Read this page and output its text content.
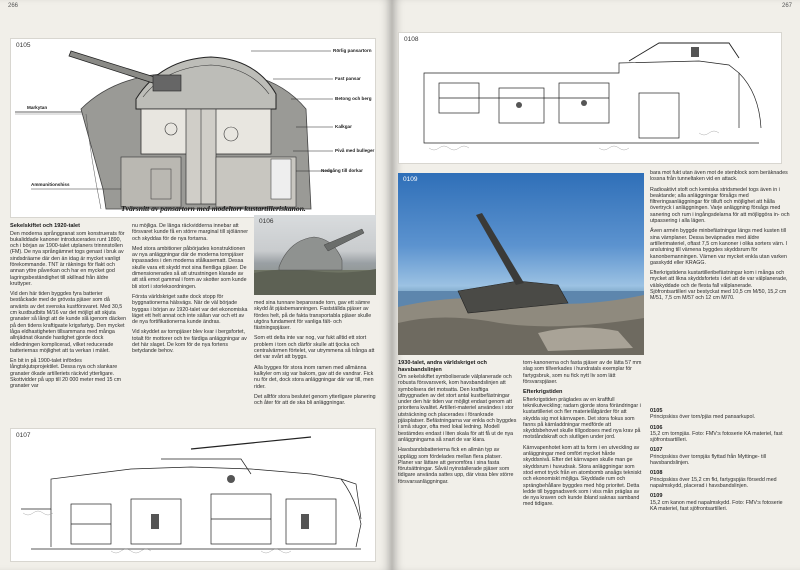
266
0105
Rörlig pansartorn
Fast pansar
Betong och berg
Kalkgar
Pivå med bulleger
Nedgång till dorkar
Markytan
Ammunitionshiss
Tvärsnitt av pansartorn med modeltorr kustartilleriskanon.
Sekelskiftet och 1920-talet

Den moderna språnggranat som konstruerats för bukaliddade kanoner introducerades runt 1890, och i början av 1900-talet utplaners trinnnstollen (FM). De nya språngämnet togs genast i bruk av sindsdräarne där den än idag är mycket vanligt förekommande. TNT är räknings för flakt och annan yttre påverkan och har en mycket god lagringsbeständighet till skillnad från äldre kruttyper.

Vid den här tiden byggdes fyra batterier beståckade med de grövsta pjäser som då använts av det svenska kustförsvaret. Med 30,5 cm kustbudbits M/16 var det möjligt att skjuta granater så långt att de kunde slå igenom däcken på den tidens kraftigaste krigsfartyg. Den mycket låga eldhastigheten tillsammans med många allnjädnat ökande hastighet gjorde dock eldledningen komplicerad, vilket reducerade batteriernas möjlighet att ta verkan i mälet.

En bit in på 1900-talet infördes långtskjutsprojektilet. Dessa nya och slankare granater ökade artilleriets räckvid ytterligare. Skottvidder på upp till 20 000 meter med 15 cm granater var

nu möjliga. De långa räckvidderna innebar att försvaret kunde få en större marginal till sjölänner och skyddas för de nya fortarna.

Med stora ambitioner påbörjades konstruktionen av nya anläggningar där de moderna tornpjäser inpassades i den moderna stålkasematt. Dessa skulle vara ett skydd mot sina fientliga pjäser. De dimensionerades så att utrustningen klarade av att stå emot gammal i form av skotter som kunde bli stort i storleksordningen.

Första världskriget satte dock stopp för byggnationerna hälsvägs. När de väl började byggas i början av 1920-talet var det ekonomiska läget ett helt annat och inte sällan var och ett av de nya fortifikationerna kunde ändras.

Vid skyddet av tornpjäser blev kvar i bergsfortet, totalt för mottorer och tre färdiga anläggningar av det här slaget. De kom för de nya fortens betydande behov.

0106

med sina tunnare bepansrade torn, gav ett sämre skydd åt pjäsbemanningen. Fastställda pjäser av fördes helt, på de fakta transportabla pjäser skulle utgöra fundament för vanliga fält- och fästningspjäser.

Som ett delta inte var nog, var fukt alltid ett stort problem i torn och därför skulle att tjocka och centralvärmen förtelet, var utrymmena så trånga att det var svårt att byggs.

Alla bygges för stora inom ramen med allmänna kalkyler om sig var bakom, gav att de vandrar. Fick nu för det, dock stora anläggningar där var till, men rider.

Det alltför stora beslutet genom ytterligare planering och åter för att de ska bli anläggningar.

0107
267
0108
0109
1930-talet, andra världskriget och havsbandslinjen

Om sekelskiftet symboliserade välplanerade och robusta försvarsverk, kom havsbandslinjen att symbolisera det motsatta. Den kraftiga utbyggnaden av det stort antal kustbefästningar under den här tiden var möjligt endast genom att prioritera kvalitet. Artilleri-materiel användes i stor utsträckning och placerades i förankrade pjäsplatser. Befästningarna var enkla och byggdes i små stugor, ofta med lokal ledning. Modell bestämdes endast i liten skala för att få ut de nya anläggningarna så snart de var klara.

Havsbandsbatterierna fick en allmän typ av upplägg som fördelades mellan flera platser. Planer var lättare att genomföra i sina fasta förutsättningar. Såväl nyinstallerade pjäser som tidigare använda sattes upp, där vissa blev större försvarsanläggningar.

torn-kanonerna och fasta pjäser av de lätta 57 mm slag som tillverkades i hundratals exemplar för fartygsbruk, som nu fick nytt liv som lätt försvarspjäser.

Efterkrigstiden

Efterkrigstiden präglades av en kraftfull teknikutveckling; radarn gjorde stora förändringar i kustartilleriet och fler materielåtgärder för att skydda sig mot kärnvapen. Det stora fokus som fanns på kärnladdningar medförde att skyddsbehovet skulle tillgodoses med nya krav på motståndskraft och slutligen under jord.

Kärnvapenhotet kom att ta form i en utveckling av anläggningar med omfört mycket hårde skyddsnivå. Efter det kärnvapen skulle man ge skyddsrum i huvudsak. Stora anläggningar som stod emot tryck från en atombomb ansågs tekniskt och ekonomiskt möjliga. Skyddade rum och sprängbehållare byggdes med hög prioritet. Detta ledde till byggnadsverk som i viss mån präglas av de nya kraven och kunde ibland saknas samband med tidigare.

bara mot fukt utan även mot de stenblock som beräknades lossna från tunneltaken vid en attack.

Radioaktivt stoft och kemiska stridsmedel togs även in i beaktande; alla anläggningar försågs med filtreringsanläggningar för tilluft och möjlighet att hålla övertryck i anläggningen. Varje anläggning försågs med sanering och rum i ingångsdelarna för att möjliggöra in- och utpassering i alla lägen.

Även armén byggde minbefästningar längs med kusten till sina värnplaner. Dessa beväpnades med äldre artillerimateriel, oftast 7,5 cm kanoner i olika sorters värn. I anslutning till värnena byggdes skyddsrum för kanonbemanningen. Värnen var mycket enkla utan varken gasskydd eller KRAGG.

Efterkrigstidens kustartilleribefästningar kom i många och mycket att likna skyddsfortets i det att de var välplanerade, välskyddade och de flesta fall välplanerade. Sjöfrontsartilleri var bestyckat med 10,5 cm M/50, 15,2 cm M/51, 7,5 cm M/57 och 12 cm M/70.

0105
Principskiss över torn/pjäs med pansarkupol.

0106
15,2 cm tornpjäs. Foto: FMV:s fotoserie KA materiel, fast sjöfrontsartilleri.

0107
Principskiss över tornpjäs flyttad från Myttinge- till havsbandslinjen.

0108
Principskiss över 15,2 cm fkt, fartygspjäs försedd med napalmskydd, placerad i havsbandslinjen.

0109
15,2 cm kanon med napalmskydd. Foto: FMV:s fotoserie KA materiel, fast sjöfrontsartilleri.
